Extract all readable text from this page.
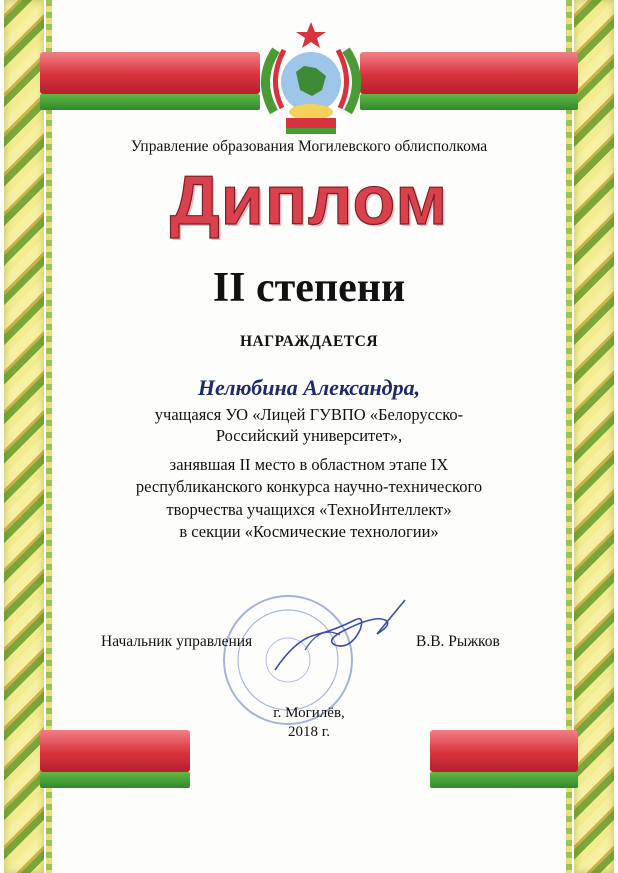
Управление образования Могилевского облисполкома
Диплом
II степени
НАГРАЖДАЕТСЯ
Нелюбина Александра,
учащаяся УО «Лицей ГУВПО «Белорусско-
Российский университет»,
занявшая II место в областном этапе IX
республиканского конкурса научно-технического
творчества учащихся «ТехноИнтеллект»
в секции «Космические технологии»
Начальник управления	В.В. Рыжков
г. Могилёв,
2018 г.
